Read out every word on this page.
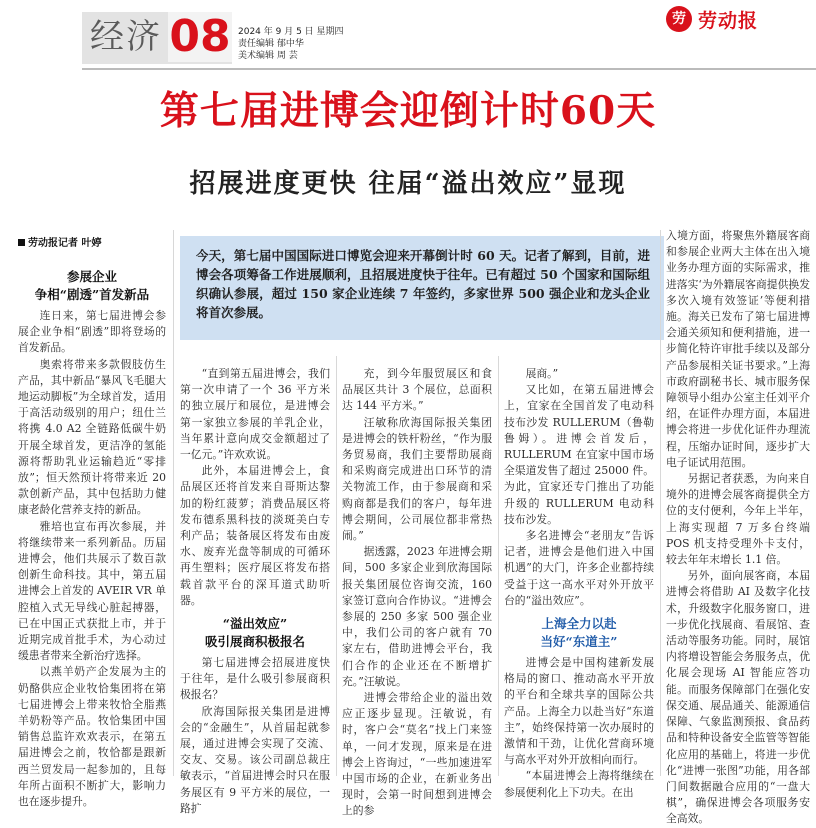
经济 08 2024 年 9 月 5 日 星期四
责任编辑 郁中华
美术编辑 周 芸
劳 劳动报
第七届进博会迎倒计时60天
招展进度更快 往届“溢出效应”显现
今天，第七届中国国际进口博览会迎来开幕倒计时 60 天。记者了解到，目前，进博会各项筹备工作进展顺利，且招展进度快于往年。已有超过 50 个国家和国际组织确认参展，超过 150 家企业连续 7 年签约，多家世界 500 强企业和龙头企业将首次参展。
劳动报记者 叶婷
参展企业
争相“剧透”首发新品

连日来，第七届进博会参展企业争相“剧透”即将登场的首发新品。

奥索将带来多款假肢仿生产品，其中新品“暴风飞毛腿大地运动脚板”为全球首发，适用于高活动级别的用户；纽仕兰将携 4.0 A2 全链路低碳牛奶开展全球首发，更洁净的氢能源将帮助乳业运输趋近“零排放”；恒天然预计将带来近 20 款创新产品，其中包括助力健康老龄化营养支持的新品。

雅培也宣布再次参展，并将继续带来一系列新品。历届进博会，他们共展示了数百款创新生命科技。其中，第五届进博会上首发的 AVEIR VR 单腔植入式无导线心脏起搏器，已在中国正式获批上市，并于近期完成首批手术，为心动过缓患者带来全新治疗选择。

以燕羊奶产企发展为主的奶酪供应企业牧恰集团将在第七届进博会上带来牧恰全脂燕羊奶粉等产品。牧恰集团中国销售总监许欢欢表示，在第五届进博会之前，牧恰都是跟新西兰贸发局一起参加的，且每年所占面积不断扩大，影响力也在逐步提升。

“直到第五届进博会，我们第一次申请了一个 36 平方米的独立展厅和展位，是进博会第一家独立参展的羊乳企业，当年累计意向成交金额超过了一亿元。”许欢欢说。

此外，本届进博会上，食品展区还将首发来自哥斯达黎加的粉红菠萝；消费品展区将发布德系黑科技的淡斑美白专利产品；装备展区将发布由废水、废弃光盘等制成的可循环再生塑料；医疗展区将发布搭载首款平台的深耳道式助听器。

“溢出效应”
吸引展商积极报名

第七届进博会招展进度快于往年，是什么吸引参展商积极报名？

欣海国际报关集团是进博会的“金融生”，从首届起就参展，通过进博会实现了交流、交友、交易。该公司副总裁庄敏表示，“首届进博会时只在服务展区有 9 平方米的展位，一路扩

充，到今年服贸展区和食品展区共计 3 个展位，总面积达 144 平方米。”

汪敏称欣海国际报关集团是进博会的铁杆粉丝，“作为服务贸易商，我们主要帮助展商和采购商完成进出口环节的清关物流工作，由于参展商和采购商都是我们的客户，每年进博会期间，公司展位都非常热闹。”

据透露，2023 年进博会期间，500 多家企业到欣海国际报关集团展位咨询交流，160 家签订意向合作协议。“进博会参展的 250 多家 500 强企业中，我们公司的客户就有 70 家左右，借助进博会平台，我们合作的企业还在不断增扩充。”汪敏说。

进博会带给企业的溢出效应正逐步显现。汪敏说，有时，客户会“莫名”找上门来签单，一问才发现，原来是在进博会上咨询过，“一些加速进军中国市场的企业，在新业务出现时，会第一时间想到进博会上的参

展商。”

又比如，在第五届进博会上，宜家在全国首发了电动科技布沙发 RULLERUM（鲁勒鲁姆）。进博会首发后，RULLERUM 在宜家中国市场全渠道发售了超过 25000 件。为此，宜家还专门推出了功能升级的 RULLERUM 电动科技布沙发。

多名进博会“老朋友”告诉记者，进博会是他们进入中国机遇”的大门，许多企业都持续受益于这一高水平对外开放平台的“溢出效应”。

上海全力以赴
当好“东道主”

进博会是中国构建新发展格局的窗口、推动高水平开放的平台和全球共享的国际公共产品。上海全力以赴当好“东道主”，始终保持第一次办展时的激情和干劲，让优化营商环境与高水平对外开放相向而行。

“本届进博会上海将继续在参展便利化上下功夫。在出

入境方面，将聚焦外籍展客商和参展企业两大主体在出入境业务办理方面的实际需求，推进落实‘为外籍展客商提供换发多次入境有效签证’等便利措施。海关已发布了第七届进博会通关须知和便利措施，进一步简化特许审批手续以及部分产品参展相关证书要求。”上海市政府副秘书长、城市服务保障领导小组办公室主任刘平介绍，在证件办理方面，本届进博会将进一步优化证件办理流程，压缩办证时间，逐步扩大电子证试用范围。

另据记者获悉，为向来自境外的进博会展客商提供全方位的支付便利，今年上半年，上海实现超 7 万多台终端 POS 机支持受理外卡支付，较去年年末增长 1.1 倍。

另外，面向展客商，本届进博会将借助 AI 及数字化技术，升级数字化服务窗口，进一步优化找展商、看展馆、查活动等服务功能。同时，展馆内将增设智能会务服务点，优化展会现场 AI 智能应答功能。而服务保障部门在强化安保交通、展品通关、能源通信保障、气象监测预报、食品药品和特种设备安全监管等智能化应用的基础上，将进一步优化“进博一张图”功能，用各部门间数据融合应用的“一盘大棋”，确保进博会各项服务安全高效。
